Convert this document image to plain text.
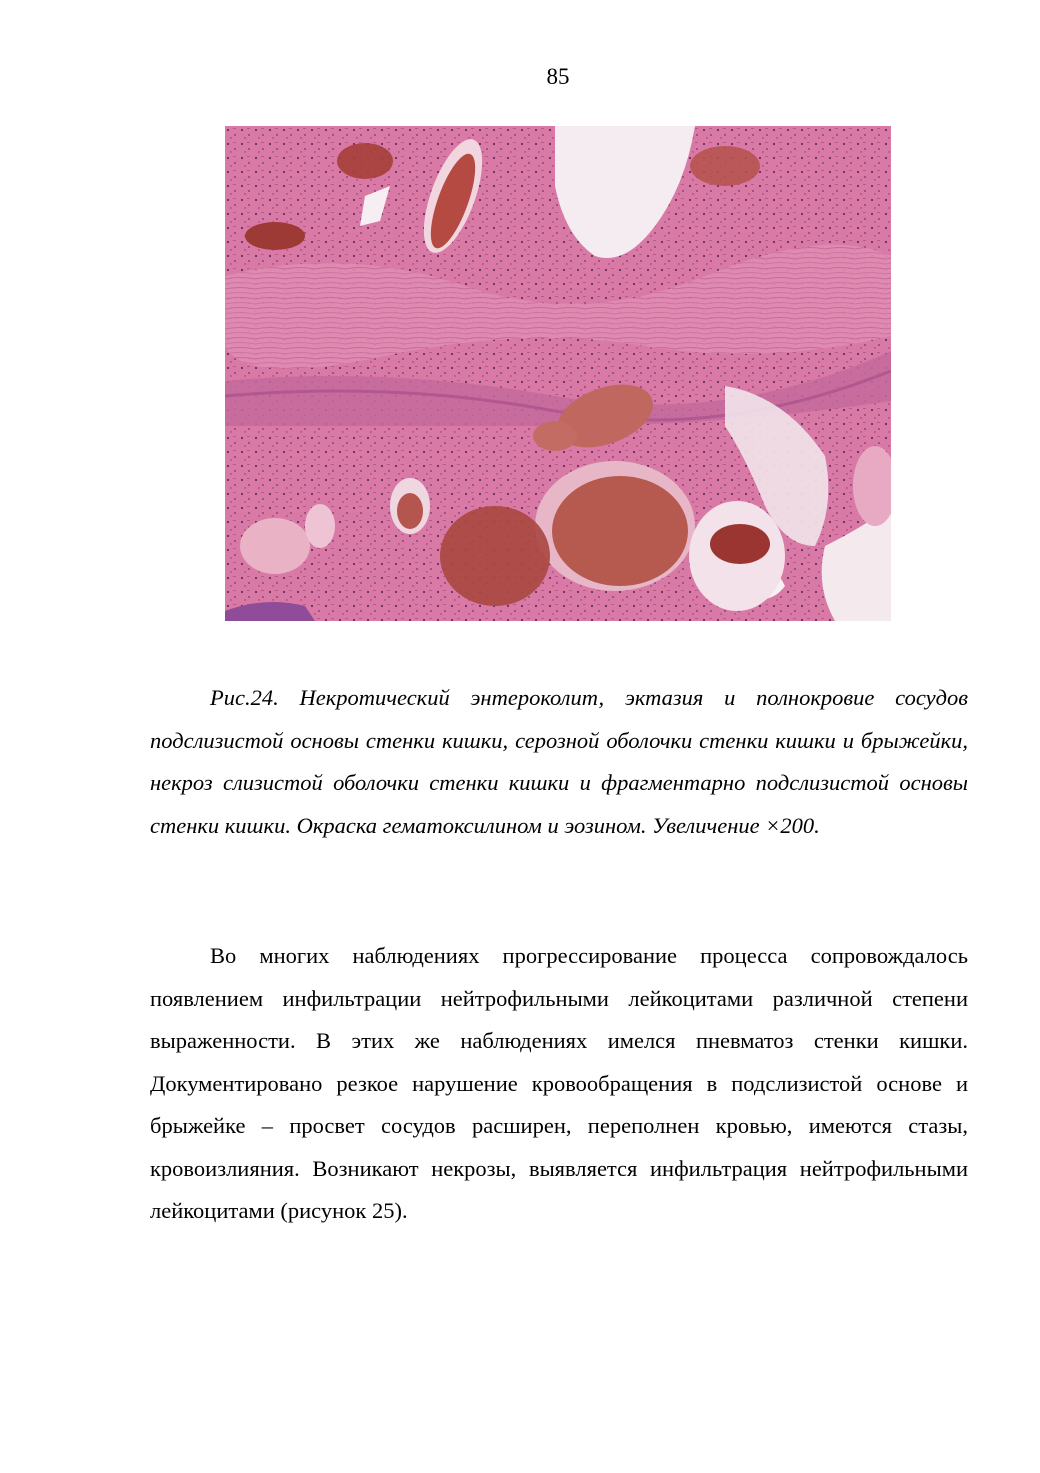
85

Рис.24. Некротический энтероколит, эктазия и полнокровие сосудов подслизистой основы стенки кишки, серозной оболочки стенки кишки и брыжейки, некроз слизистой оболочки стенки кишки и фрагментарно подслизистой основы стенки кишки. Окраска гематоксилином и эозином. Увеличение ×200.

Во многих наблюдениях прогрессирование процесса сопровождалось появлением инфильтрации нейтрофильными лейкоцитами различной степени выраженности. В этих же наблюдениях имелся пневматоз стенки кишки. Документировано резкое нарушение кровообращения в подслизистой основе и брыжейке – просвет сосудов расширен, переполнен кровью, имеются стазы, кровоизлияния. Возникают некрозы, выявляется инфильтрация нейтрофильными лейкоцитами (рисунок 25).
